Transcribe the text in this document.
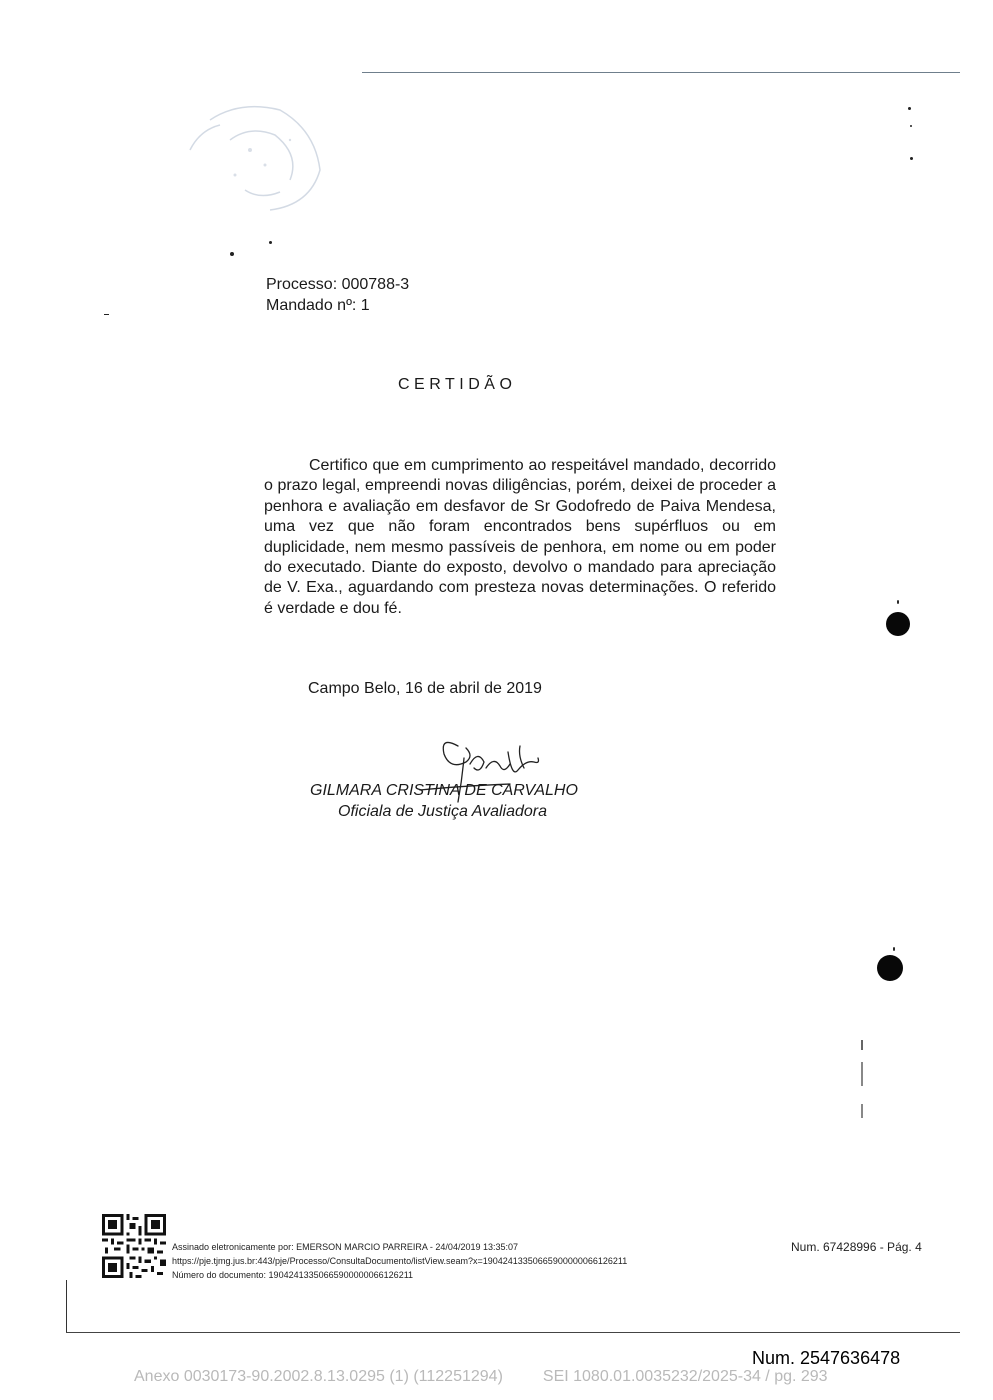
Processo: 000788-3
Mandado nº: 1
CERTIDÃO

Certifico que em cumprimento ao respeitável mandado, decorrido o prazo legal, empreendi novas diligências, porém, deixei de proceder a penhora e avaliação em desfavor de Sr Godofredo de Paiva Mendesa, uma vez que não foram encontrados bens supérfluos ou em duplicidade, nem mesmo passíveis de penhora, em nome ou em poder do executado. Diante do exposto, devolvo o mandado para apreciação de V. Exa., aguardando com presteza novas determinações. O referido é verdade e dou fé.

Campo Belo, 16 de abril de 2019
GILMARA CRISTINA DE CARVALHO
Oficiala de Justiça Avaliadora
Assinado eletronicamente por: EMERSON MARCIO PARREIRA - 24/04/2019 13:35:07
https://pje.tjmg.jus.br:443/pje/Processo/ConsultaDocumento/listView.seam?x=19042413350665900000066126211
Número do documento: 19042413350665900000066126211
Num. 67428996 - Pág. 4
Num. 2547636478
Anexo 0030173-90.2002.8.13.0295 (1) (112251294)	SEI 1080.01.0035232/2025-34 / pg. 293
